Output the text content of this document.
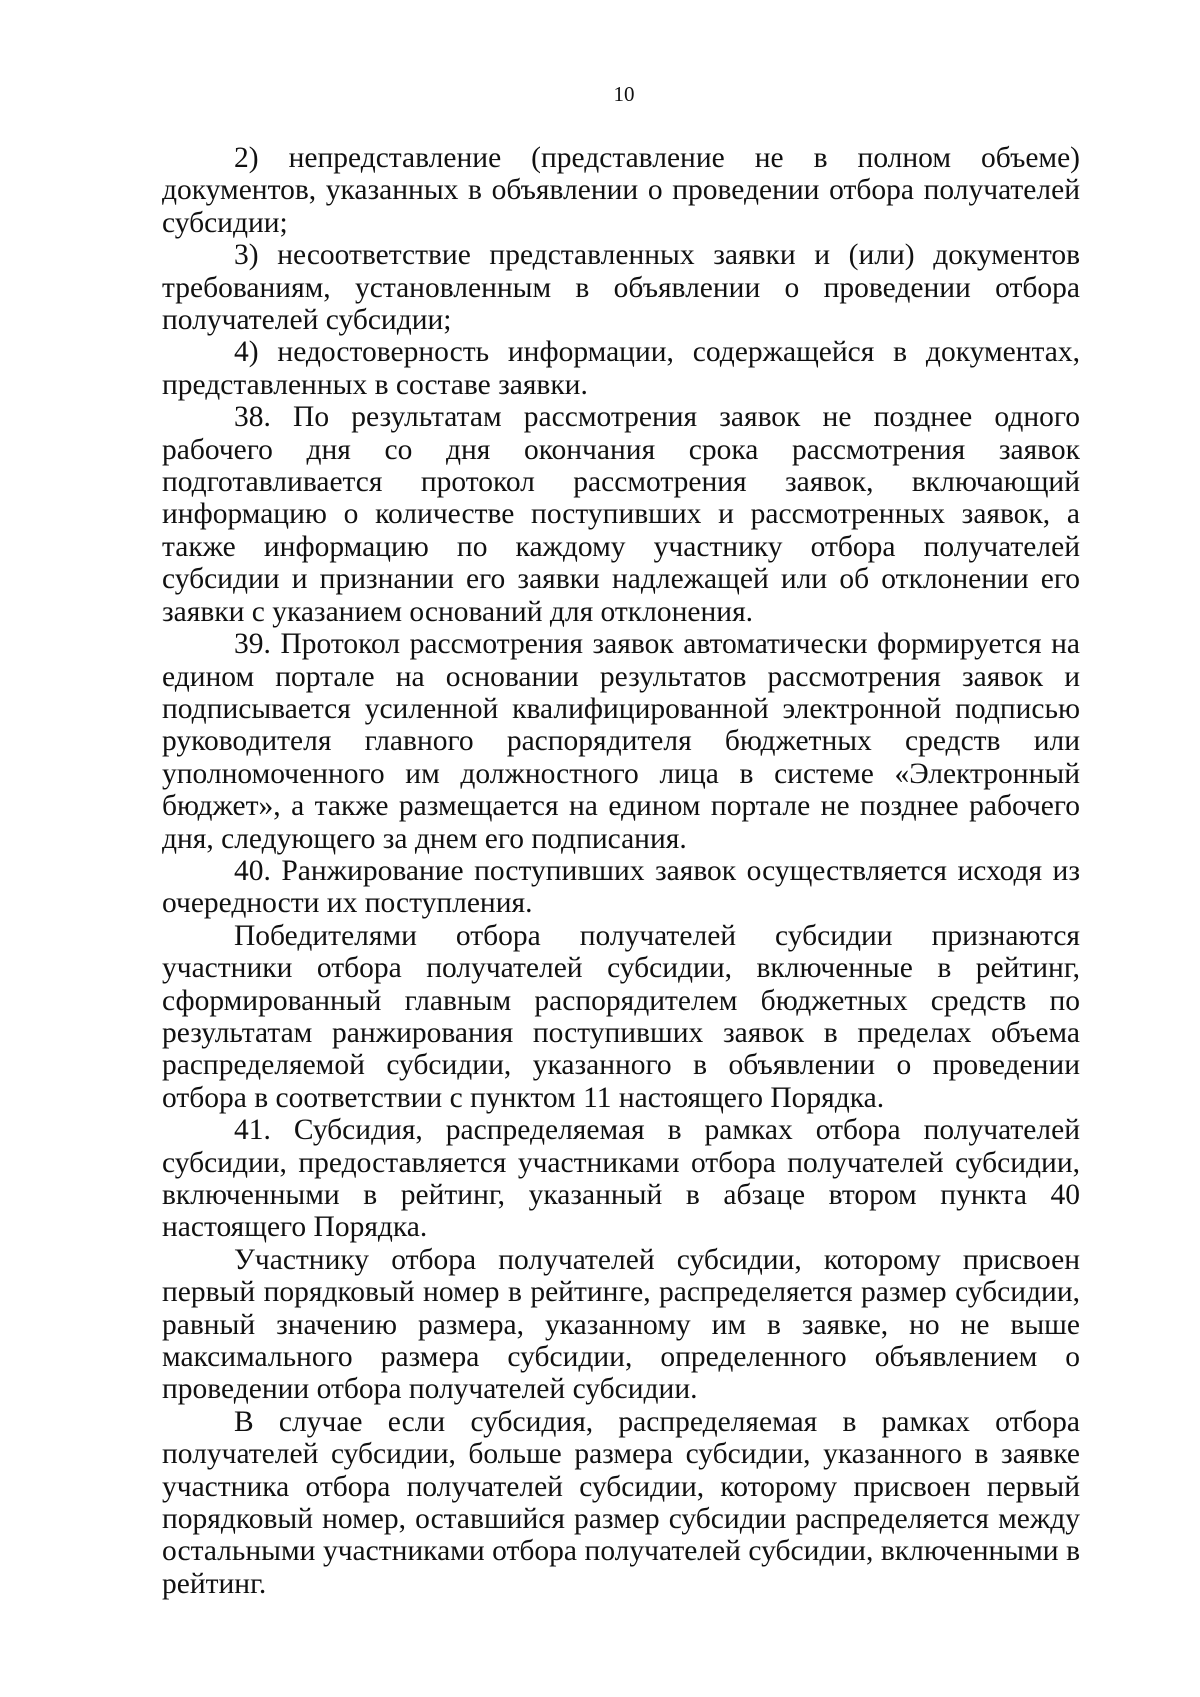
10

2) непредставление (представление не в полном объеме) документов, указанных в объявлении о проведении отбора получателей субсидии;

3) несоответствие представленных заявки и (или) документов требованиям, установленным в объявлении о проведении отбора получателей субсидии;

4) недостоверность информации, содержащейся в документах, представленных в составе заявки.

38. По результатам рассмотрения заявок не позднее одного рабочего дня со дня окончания срока рассмотрения заявок подготавливается протокол рассмотрения заявок, включающий информацию о количестве поступивших и рассмотренных заявок, а также информацию по каждому участнику отбора получателей субсидии и признании его заявки надлежащей или об отклонении его заявки с указанием оснований для отклонения.

39. Протокол рассмотрения заявок автоматически формируется на едином портале на основании результатов рассмотрения заявок и подписывается усиленной квалифицированной электронной подписью руководителя главного распорядителя бюджетных средств или уполномоченного им должностного лица в системе «Электронный бюджет», а также размещается на едином портале не позднее рабочего дня, следующего за днем его подписания.

40. Ранжирование поступивших заявок осуществляется исходя из очередности их поступления.

Победителями отбора получателей субсидии признаются участники отбора получателей субсидии, включенные в рейтинг, сформированный главным распорядителем бюджетных средств по результатам ранжирования поступивших заявок в пределах объема распределяемой субсидии, указанного в объявлении о проведении отбора в соответствии с пунктом 11 настоящего Порядка.

41. Субсидия, распределяемая в рамках отбора получателей субсидии, предоставляется участниками отбора получателей субсидии, включенными в рейтинг, указанный в абзаце втором пункта 40 настоящего Порядка.

Участнику отбора получателей субсидии, которому присвоен первый порядковый номер в рейтинге, распределяется размер субсидии, равный значению размера, указанному им в заявке, но не выше максимального размера субсидии, определенного объявлением о проведении отбора получателей субсидии.

В случае если субсидия, распределяемая в рамках отбора получателей субсидии, больше размера субсидии, указанного в заявке участника отбора получателей субсидии, которому присвоен первый порядковый номер, оставшийся размер субсидии распределяется между остальными участниками отбора получателей субсидии, включенными в рейтинг.
